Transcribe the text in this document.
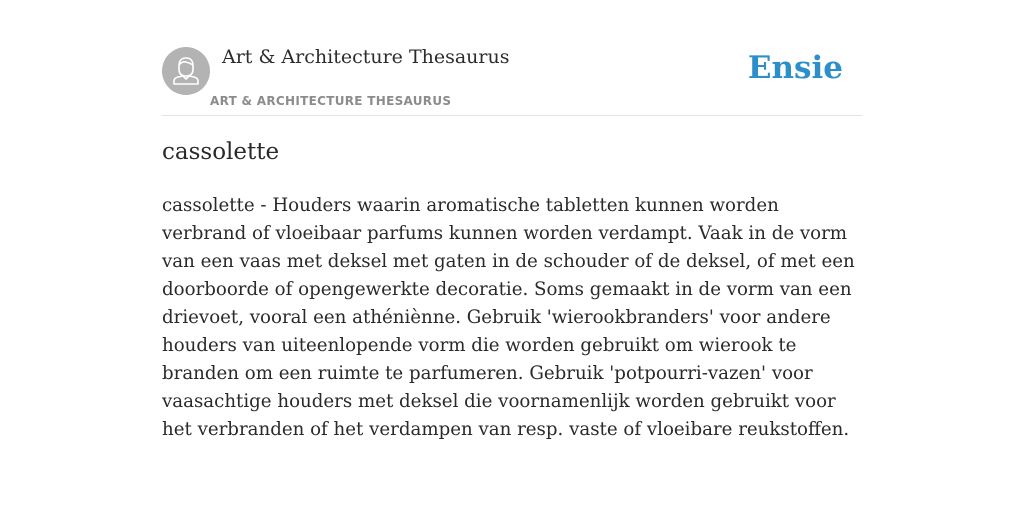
Art & Architecture Thesaurus
ART & ARCHITECTURE THESAURUS
Ensie
cassolette

cassolette - Houders waarin aromatische tabletten kunnen worden verbrand of vloeibaar parfums kunnen worden verdampt. Vaak in de vorm van een vaas met deksel met gaten in de schouder of de deksel, of met een doorboorde of opengewerkte decoratie. Soms gemaakt in de vorm van een drievoet, vooral een athéniènne. Gebruik 'wierookbranders' voor andere houders van uiteenlopende vorm die worden gebruikt om wierook te branden om een ruimte te parfumeren. Gebruik 'potpourri-vazen' voor vaasachtige houders met deksel die voornamenlijk worden gebruikt voor het verbranden of het verdampen van resp. vaste of vloeibare reukstoffen.
